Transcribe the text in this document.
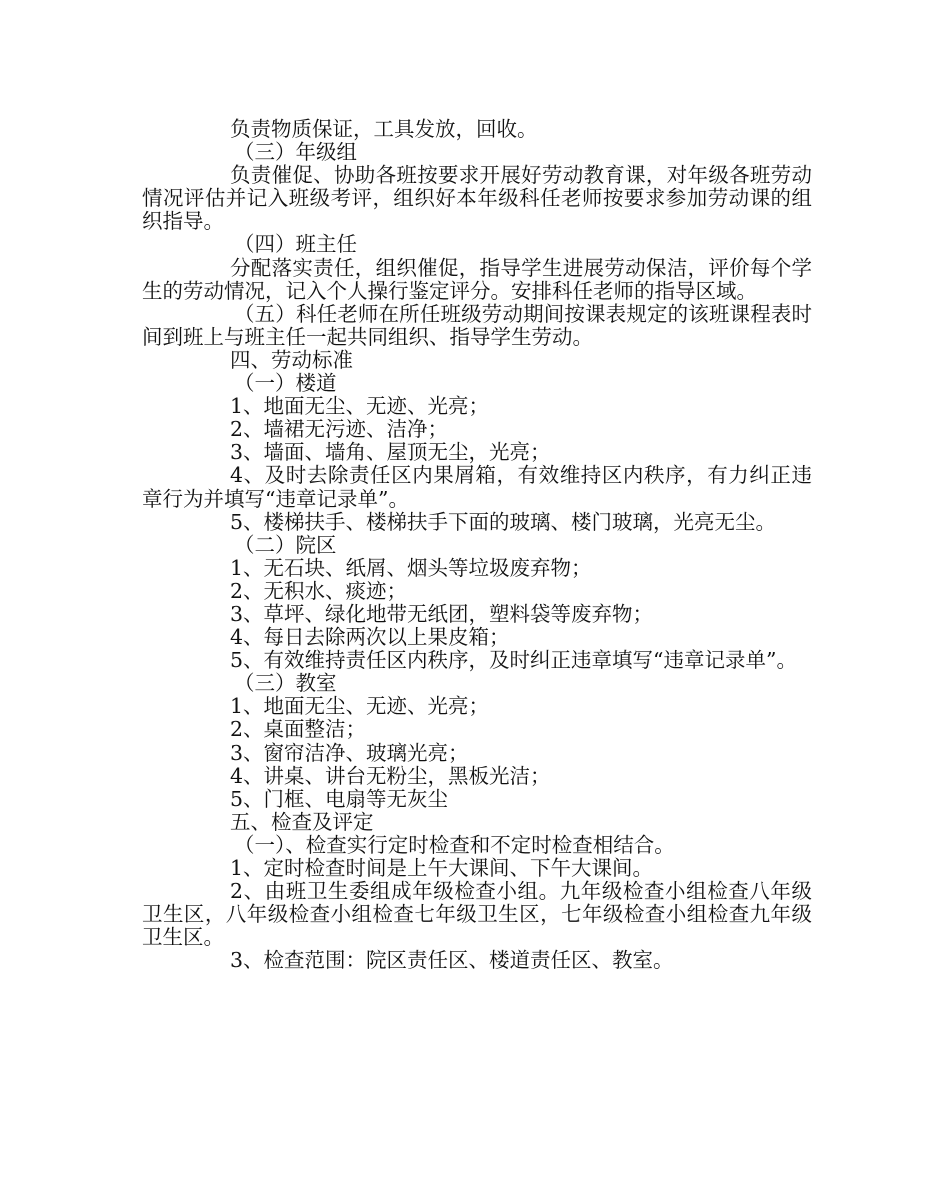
负责物质保证，工具发放，回收。

（三）年级组

负责催促、协助各班按要求开展好劳动教育课，对年级各班劳动情况评估并记入班级考评，组织好本年级科任老师按要求参加劳动课的组织指导。

（四）班主任

分配落实责任，组织催促，指导学生进展劳动保洁，评价每个学生的劳动情况，记入个人操行鉴定评分。安排科任老师的指导区域。

（五）科任老师在所任班级劳动期间按课表规定的该班课程表时间到班上与班主任一起共同组织、指导学生劳动。

四、劳动标准

（一）楼道

1、地面无尘、无迹、光亮；

2、墙裙无污迹、洁净；

3、墙面、墙角、屋顶无尘，光亮；

4、及时去除责任区内果屑箱，有效维持区内秩序，有力纠正违章行为并填写“违章记录单”。

5、楼梯扶手、楼梯扶手下面的玻璃、楼门玻璃，光亮无尘。

（二）院区

1、无石块、纸屑、烟头等垃圾废弃物；

2、无积水、痰迹；

3、草坪、绿化地带无纸团，塑料袋等废弃物；

4、每日去除两次以上果皮箱；

5、有效维持责任区内秩序，及时纠正违章填写“违章记录单”。

（三）教室

1、地面无尘、无迹、光亮；

2、桌面整洁；

3、窗帘洁净、玻璃光亮；

4、讲桌、讲台无粉尘，黑板光洁；

5、门框、电扇等无灰尘

五、检查及评定

（一）、检查实行定时检查和不定时检查相结合。

1、定时检查时间是上午大课间、下午大课间。

2、由班卫生委组成年级检查小组。九年级检查小组检查八年级卫生区，八年级检查小组检查七年级卫生区，七年级检查小组检查九年级卫生区。

3、检查范围：院区责任区、楼道责任区、教室。
